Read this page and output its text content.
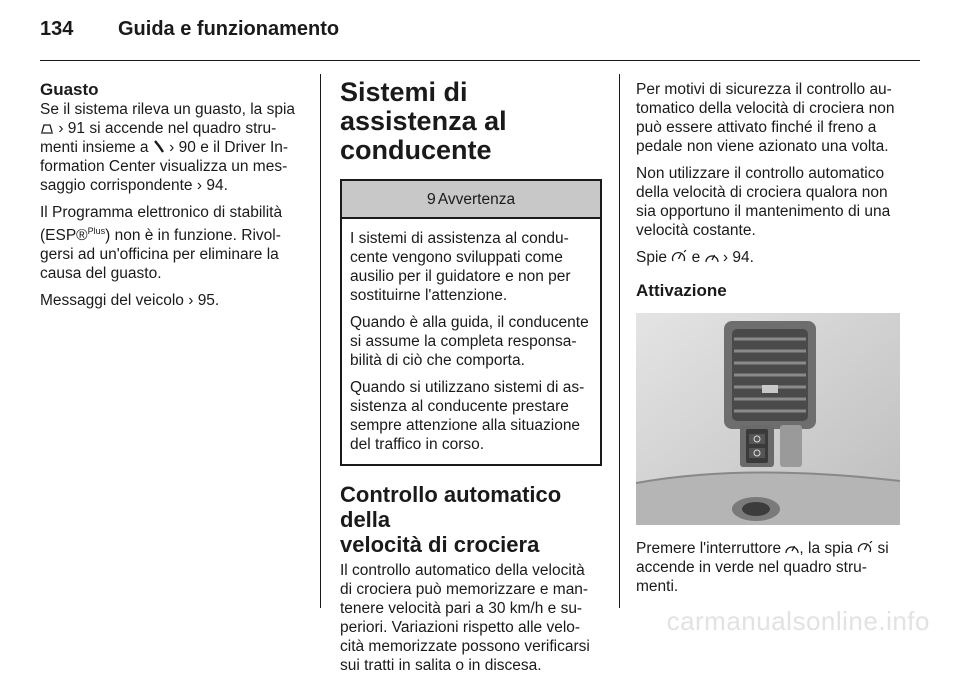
134 Guida e funzionamento
Guasto

Se il sistema rileva un guasto, la spia
› 91 si accende nel quadro stru-
menti insieme a › 90 e il Driver In-
formation Center visualizza un mes-
saggio corrispondente › 94.

Il Programma elettronico di stabilità
(ESP®$^{Plus}$) non è in funzione. Rivol-
gersi ad un'officina per eliminare la
causa del guasto.

Messaggi del veicolo › 95.

Sistemi di assistenza al
conducente
9 Avvertenza

I sistemi di assistenza al condu-
cente vengono sviluppati come
ausilio per il guidatore e non per
sostituirne l'attenzione.

Quando è alla guida, il conducente
si assume la completa responsa-
bilità di ciò che comporta.

Quando si utilizzano sistemi di as-
sistenza al conducente prestare
sempre attenzione alla situazione
del traffico in corso.

Controllo automatico della
velocità di crociera

Il controllo automatico della velocità
di crociera può memorizzare e man-
tenere velocità pari a 30 km/h e su-
periori. Variazioni rispetto alle velo-
cità memorizzate possono verificarsi
sui tratti in salita o in discesa.

Per motivi di sicurezza il controllo au-
tomatico della velocità di crociera non
può essere attivato finché il freno a
pedale non viene azionato una volta.

Non utilizzare il controllo automatico
della velocità di crociera qualora non
sia opportuno il mantenimento di una
velocità costante.

Spie e › 94.

Attivazione

Premere l'interruttore , la spia si
accende in verde nel quadro stru-
menti.

carmanualsonline.info
